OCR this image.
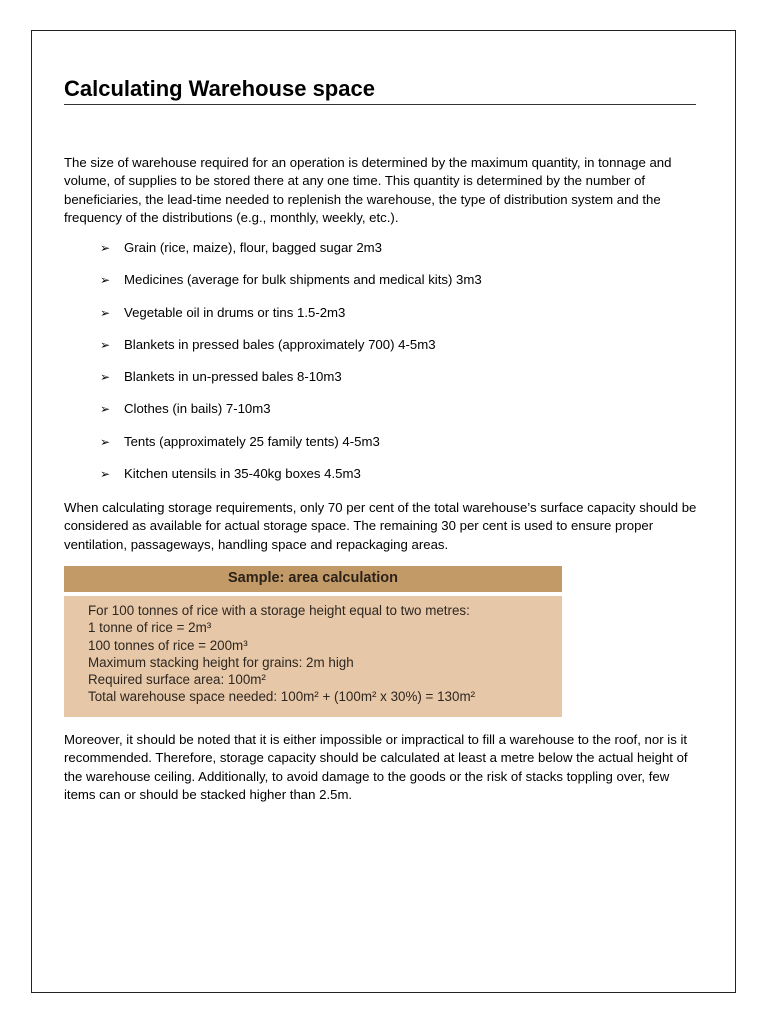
Calculating Warehouse space

The size of warehouse required for an operation is determined by the maximum quantity, in tonnage and volume, of supplies to be stored there at any one time. This quantity is determined by the number of beneficiaries, the lead-time needed to replenish the warehouse, the type of distribution system and the frequency of the distributions (e.g., monthly, weekly, etc.).

➢ Grain (rice, maize), flour, bagged sugar 2m3
➢ Medicines (average for bulk shipments and medical kits) 3m3
➢ Vegetable oil in drums or tins 1.5-2m3
➢ Blankets in pressed bales (approximately 700) 4-5m3
➢ Blankets in un-pressed bales 8-10m3
➢ Clothes (in bails) 7-10m3
➢ Tents (approximately 25 family tents) 4-5m3
➢ Kitchen utensils in 35-40kg boxes 4.5m3

When calculating storage requirements, only 70 per cent of the total warehouse’s surface capacity should be considered as available for actual storage space. The remaining 30 per cent is used to ensure proper ventilation, passageways, handling space and repackaging areas.

Sample: area calculation
For 100 tonnes of rice with a storage height equal to two metres:
1 tonne of rice = 2m³
100 tonnes of rice = 200m³
Maximum stacking height for grains: 2m high
Required surface area: 100m²
Total warehouse space needed: 100m² + (100m² x 30%) = 130m²

Moreover, it should be noted that it is either impossible or impractical to fill a warehouse to the roof, nor is it recommended. Therefore, storage capacity should be calculated at least a metre below the actual height of the warehouse ceiling. Additionally, to avoid damage to the goods or the risk of stacks toppling over, few items can or should be stacked higher than 2.5m.
